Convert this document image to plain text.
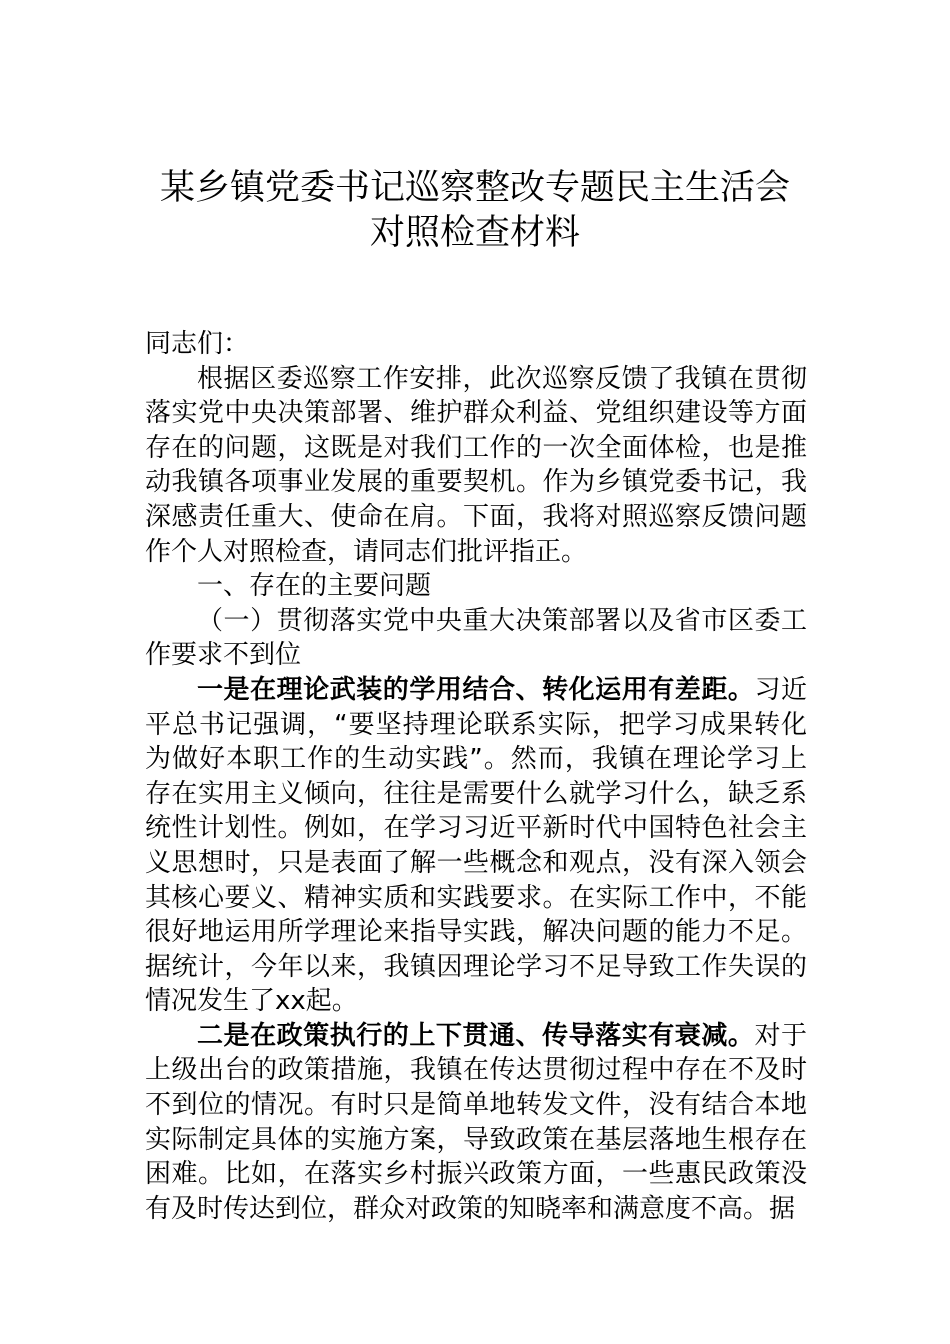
某乡镇党委书记巡察整改专题民主生活会
对照检查材料

同志们：

根据区委巡察工作安排，此次巡察反馈了我镇在贯彻落实党中央决策部署、维护群众利益、党组织建设等方面存在的问题，这既是对我们工作的一次全面体检，也是推动我镇各项事业发展的重要契机。作为乡镇党委书记，我深感责任重大、使命在肩。下面，我将对照巡察反馈问题作个人对照检查，请同志们批评指正。

一、存在的主要问题

（一）贯彻落实党中央重大决策部署以及省市区委工作要求不到位

一是在理论武装的学用结合、转化运用有差距。习近平总书记强调，“要坚持理论联系实际，把学习成果转化为做好本职工作的生动实践”。然而，我镇在理论学习上存在实用主义倾向，往往是需要什么就学习什么，缺乏系统性计划性。例如，在学习习近平新时代中国特色社会主义思想时，只是表面了解一些概念和观点，没有深入领会其核心要义、精神实质和实践要求。在实际工作中，不能很好地运用所学理论来指导实践，解决问题的能力不足。据统计，今年以来，我镇因理论学习不足导致工作失误的情况发生了xx起。

二是在政策执行的上下贯通、传导落实有衰减。对于上级出台的政策措施，我镇在传达贯彻过程中存在不及时不到位的情况。有时只是简单地转发文件，没有结合本地实际制定具体的实施方案，导致政策在基层落地生根存在困难。比如，在落实乡村振兴政策方面，一些惠民政策没有及时传达到位，群众对政策的知晓率和满意度不高。据
